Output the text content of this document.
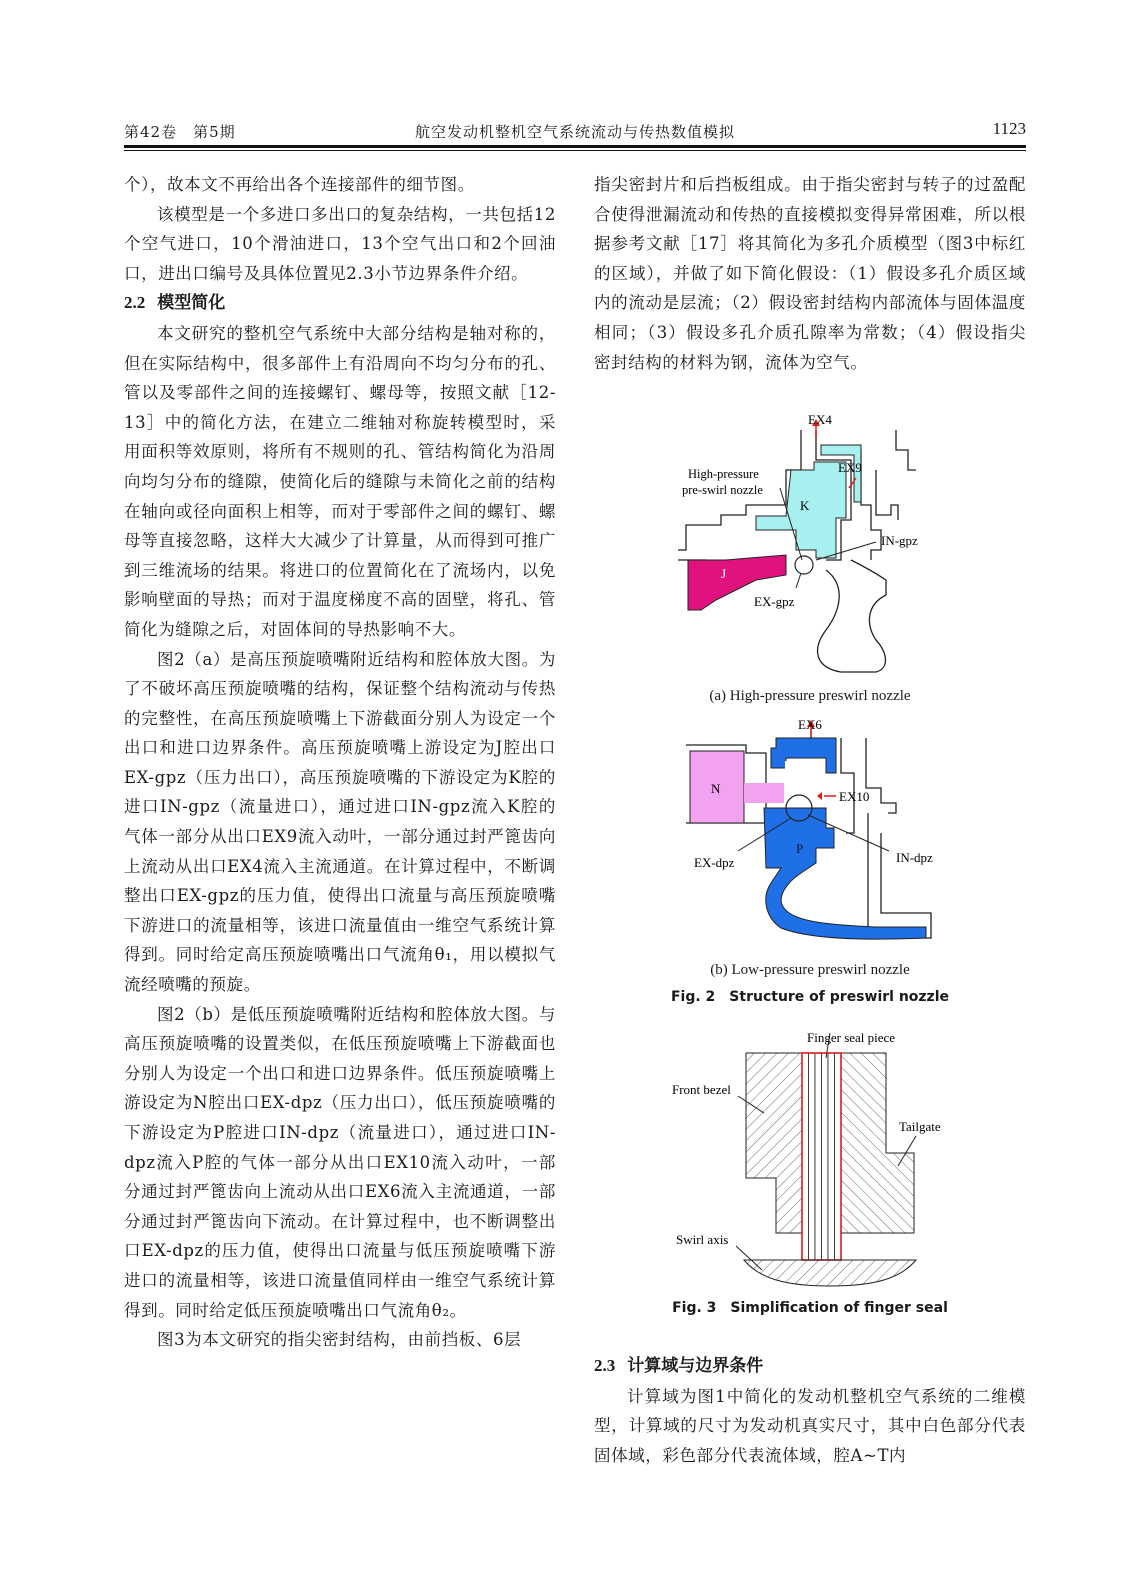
第42卷　第5期	航空发动机整机空气系统流动与传热数值模拟	1123

个），故本文不再给出各个连接部件的细节图。

该模型是一个多进口多出口的复杂结构，一共包括12个空气进口，10个滑油进口，13个空气出口和2个回油口，进出口编号及具体位置见2.3小节边界条件介绍。

2.2 模型简化

本文研究的整机空气系统中大部分结构是轴对称的，但在实际结构中，很多部件上有沿周向不均匀分布的孔、管以及零部件之间的连接螺钉、螺母等，按照文献［12-13］中的简化方法，在建立二维轴对称旋转模型时，采用面积等效原则，将所有不规则的孔、管结构简化为沿周向均匀分布的缝隙，使简化后的缝隙与未简化之前的结构在轴向或径向面积上相等，而对于零部件之间的螺钉、螺母等直接忽略，这样大大减少了计算量，从而得到可推广到三维流场的结果。将进口的位置简化在了流场内，以免影响壁面的导热；而对于温度梯度不高的固壁，将孔、管简化为缝隙之后，对固体间的导热影响不大。

图2（a）是高压预旋喷嘴附近结构和腔体放大图。为了不破坏高压预旋喷嘴的结构，保证整个结构流动与传热的完整性，在高压预旋喷嘴上下游截面分别人为设定一个出口和进口边界条件。高压预旋喷嘴上游设定为J腔出口EX-gpz（压力出口），高压预旋喷嘴的下游设定为K腔的进口IN-gpz（流量进口），通过进口IN-gpz流入K腔的气体一部分从出口EX9流入动叶，一部分通过封严篦齿向上流动从出口EX4流入主流通道。在计算过程中，不断调整出口EX-gpz的压力值，使得出口流量与高压预旋喷嘴下游进口的流量相等，该进口流量值由一维空气系统计算得到。同时给定高压预旋喷嘴出口气流角θ₁，用以模拟气流经喷嘴的预旋。

图2（b）是低压预旋喷嘴附近结构和腔体放大图。与高压预旋喷嘴的设置类似，在低压预旋喷嘴上下游截面也分别人为设定一个出口和进口边界条件。低压预旋喷嘴上游设定为N腔出口EX-dpz（压力出口），低压预旋喷嘴的下游设定为P腔进口IN-dpz（流量进口），通过进口IN-dpz流入P腔的气体一部分从出口EX10流入动叶，一部分通过封严篦齿向上流动从出口EX6流入主流通道，一部分通过封严篦齿向下流动。在计算过程中，也不断调整出口EX-dpz的压力值，使得出口流量与低压预旋喷嘴下游进口的流量相等，该进口流量值同样由一维空气系统计算得到。同时给定低压预旋喷嘴出口气流角θ₂。

图3为本文研究的指尖密封结构，由前挡板、6层

指尖密封片和后挡板组成。由于指尖密封与转子的过盈配合使得泄漏流动和传热的直接模拟变得异常困难，所以根据参考文献［17］将其简化为多孔介质模型（图3中标红的区域），并做了如下简化假设：（1）假设多孔介质区域内的流动是层流；（2）假设密封结构内部流体与固体温度相同；（3）假设多孔介质孔隙率为常数；（4）假设指尖密封结构的材料为钢，流体为空气。

EX4
EX9
High-pressure
pre-swirl nozzle
K
IN-gpz
J
EX-gpz
(a) High-pressure preswirl nozzle
EX6
EX10
N
P
EX-dpz	IN-dpz
(b) Low-pressure preswirl nozzle
Fig. 2　Structure of preswirl nozzle
Finger seal piece
Front bezel
Tailgate
Swirl axis
Fig. 3　Simplification of finger seal

2.3 计算域与边界条件

计算域为图1中简化的发动机整机空气系统的二维模型，计算域的尺寸为发动机真实尺寸，其中白色部分代表固体域，彩色部分代表流体域，腔A~T内
